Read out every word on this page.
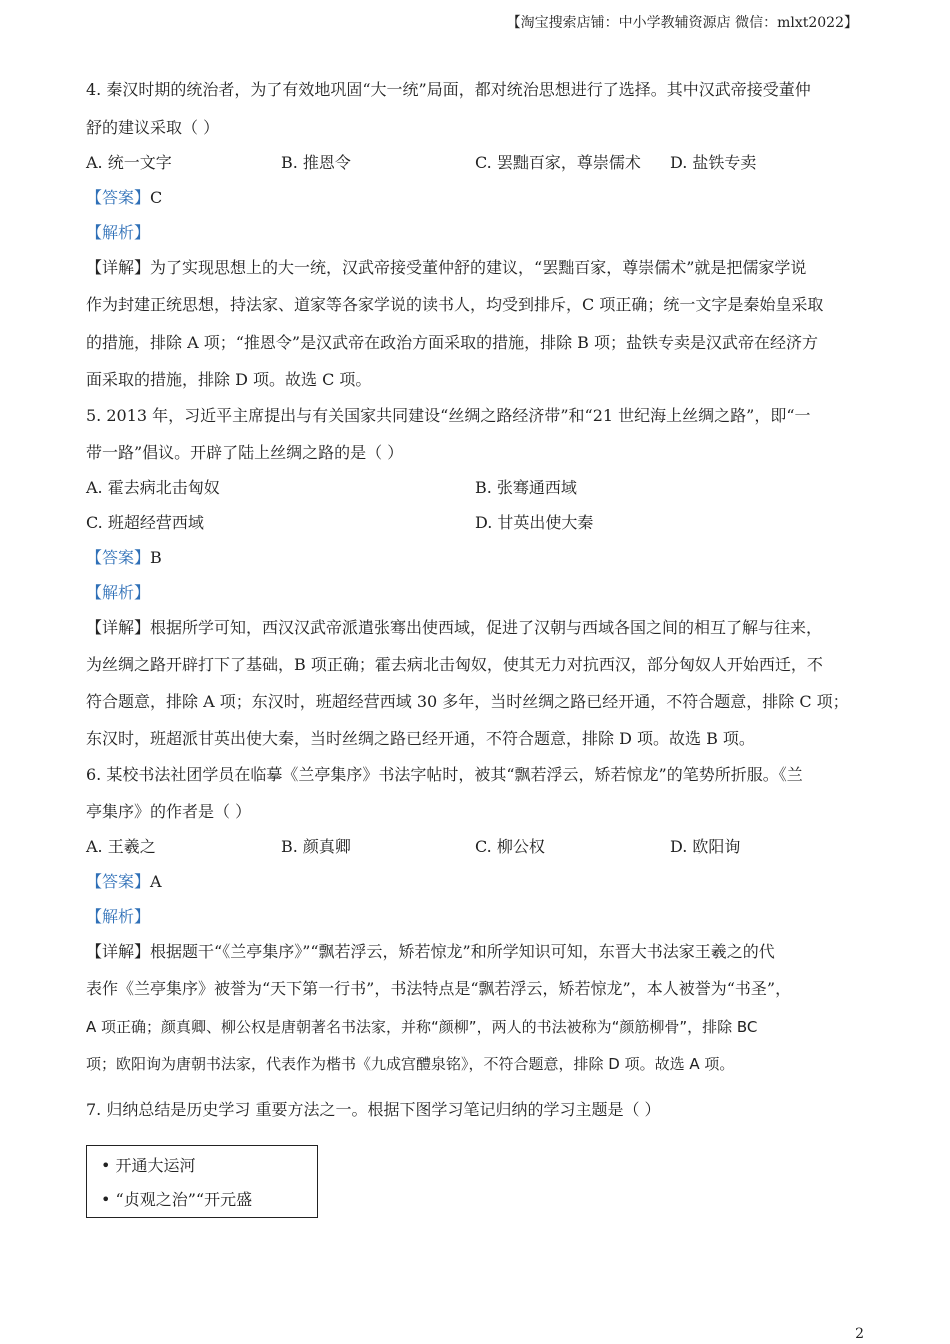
【淘宝搜索店铺：中小学教辅资源店 微信：mlxt2022】
4. 秦汉时期的统治者，为了有效地巩固“大一统”局面，都对统治思想进行了选择。其中汉武帝接受董仲
舒的建议采取（ ）
A. 统一文字	B. 推恩令	C. 罢黜百家，尊崇儒术 D. 盐铁专卖
【答案】C
【解析】
【详解】为了实现思想上的大一统，汉武帝接受董仲舒的建议，“罢黜百家，尊崇儒术”就是把儒家学说
作为封建正统思想，持法家、道家等各家学说的读书人，均受到排斥，C 项正确；统一文字是秦始皇采取
的措施，排除 A 项；“推恩令”是汉武帝在政治方面采取的措施，排除 B 项；盐铁专卖是汉武帝在经济方
面采取的措施，排除 D 项。故选 C 项。
5. 2013 年，习近平主席提出与有关国家共同建设“丝绸之路经济带”和“21 世纪海上丝绸之路”，即“一
带一路”倡议。开辟了陆上丝绸之路的是（ ）
A. 霍去病北击匈奴	B. 张骞通西域
C. 班超经营西域	D. 甘英出使大秦
【答案】B
【解析】
【详解】根据所学可知，西汉汉武帝派遣张骞出使西域，促进了汉朝与西域各国之间的相互了解与往来，
为丝绸之路开辟打下了基础，B 项正确；霍去病北击匈奴，使其无力对抗西汉，部分匈奴人开始西迁，不
符合题意，排除 A 项；东汉时，班超经营西域 30 多年，当时丝绸之路已经开通，不符合题意，排除 C 项；
东汉时，班超派甘英出使大秦，当时丝绸之路已经开通，不符合题意，排除 D 项。故选 B 项。
6. 某校书法社团学员在临摹《兰亭集序》书法字帖时，被其“飘若浮云，矫若惊龙”的笔势所折服。《兰
亭集序》的作者是（ ）
A. 王羲之	B. 颜真卿	C. 柳公权	D. 欧阳询
【答案】A
【解析】
【详解】根据题干“《兰亭集序》”“飘若浮云，矫若惊龙”和所学知识可知，东晋大书法家王羲之的代
表作《兰亭集序》被誉为“天下第一行书”，书法特点是“飘若浮云，矫若惊龙”，本人被誉为“书圣”，
A 项正确；颜真卿、柳公权是唐朝著名书法家，并称“颜柳”，两人的书法被称为“颜筋柳骨”，排除 BC
项；欧阳询为唐朝书法家，代表作为楷书《九成宫醴泉铭》，不符合题意，排除 D 项。故选 A 项。
7. 归纳总结是历史学习 重要方法之一。根据下图学习笔记归纳的学习主题是（ ）
• 开通大运河
• “贞观之治”“开元盛
2
